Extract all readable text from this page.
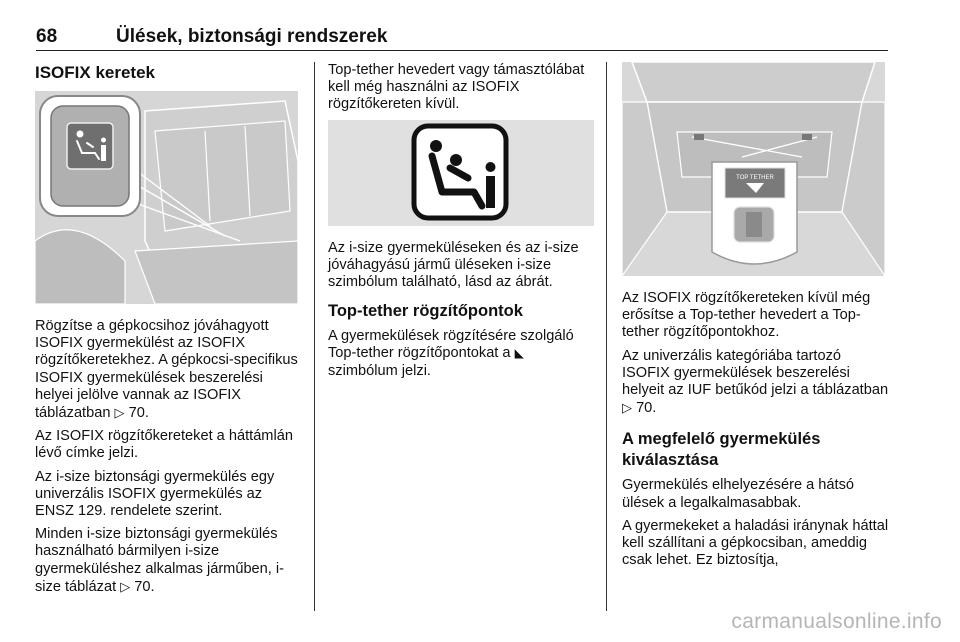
68	Ülések, biztonsági rendszerek
ISOFIX keretek

Rögzítse a gépkocsihoz jóváhagyott ISOFIX gyermekülést az ISOFIX rögzítőkeretekhez. A gépkocsi-specifikus ISOFIX gyermekülések beszerelési helyei jelölve vannak az ISOFIX táblázatban ▷ 70.

Az ISOFIX rögzítőkereteket a háttámlán lévő címke jelzi.

Az i-size biztonsági gyermekülés egy univerzális ISOFIX gyermekülés az ENSZ 129. rendelete szerint.

Minden i-size biztonsági gyermekülés használható bármilyen i-size gyermeküléshez alkalmas járműben, i-size táblázat ▷ 70.

Top-tether hevedert vagy támasztólábat kell még használni az ISOFIX rögzítőkereten kívül.

Az i-size gyermeküléseken és az i-size jóváhagyású jármű üléseken i-size szimbólum található, lásd az ábrát.

Top-tether rögzítőpontok

A gyermekülések rögzítésére szolgáló Top-tether rögzítőpontokat a ◣ szimbólum jelzi.

TOP TETHER

Az ISOFIX rögzítőkereteken kívül még erősítse a Top-tether hevedert a Top-tether rögzítőpontokhoz.

Az univerzális kategóriába tartozó ISOFIX gyermekülések beszerelési helyeit az IUF betűkód jelzi a táblázatban ▷ 70.

A megfelelő gyermekülés kiválasztása

Gyermekülés elhelyezésére a hátsó ülések a legalkalmasabbak.

A gyermekeket a haladási iránynak háttal kell szállítani a gépkocsiban, ameddig csak lehet. Ez biztosítja,

carmanualsonline.info
